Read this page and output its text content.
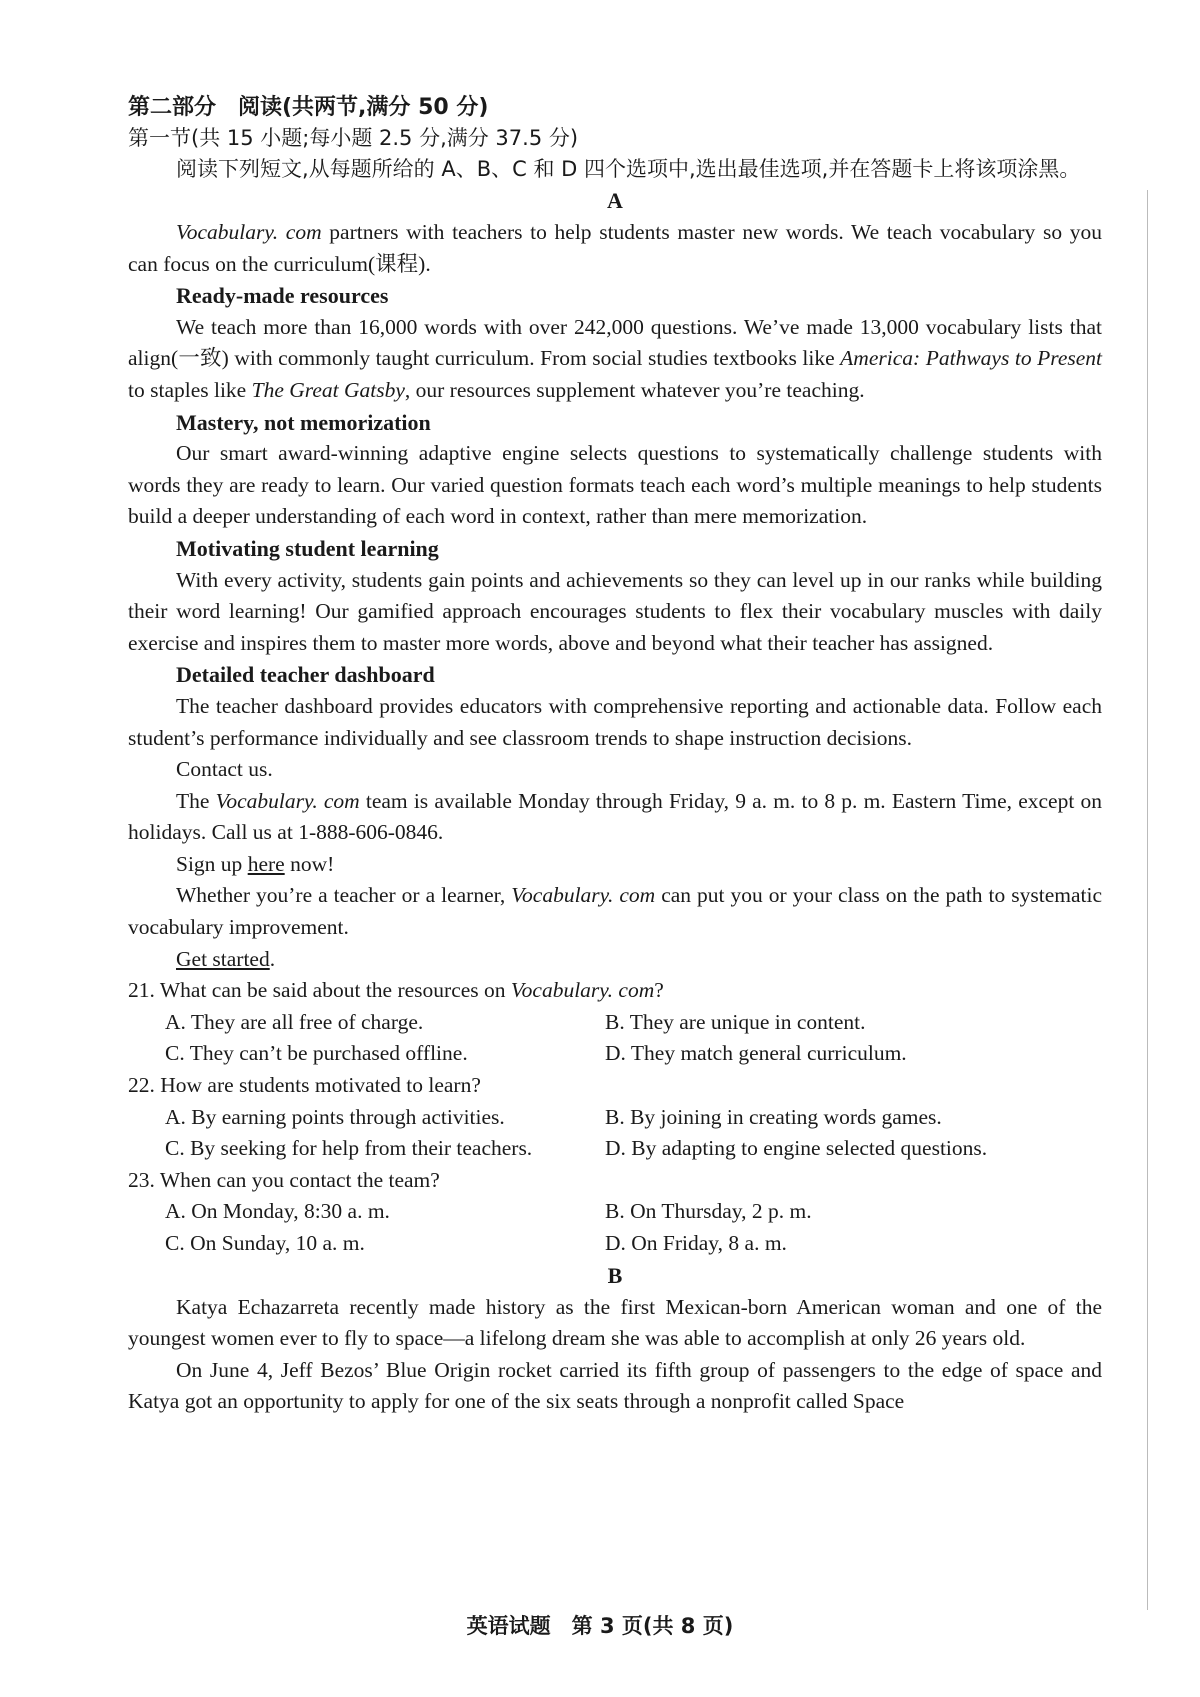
第二部分　阅读(共两节,满分 50 分)
第一节(共 15 小题;每小题 2.5 分,满分 37.5 分)

阅读下列短文,从每题所给的 A、B、C 和 D 四个选项中,选出最佳选项,并在答题卡上将该项涂黑。

A

Vocabulary. com partners with teachers to help students master new words. We teach vocabulary so you can focus on the curriculum(课程).

Ready-made resources

We teach more than 16,000 words with over 242,000 questions. We’ve made 13,000 vocabulary lists that align(一致) with commonly taught curriculum. From social studies textbooks like America: Pathways to Present to staples like The Great Gatsby, our resources supplement whatever you’re teaching.

Mastery, not memorization

Our smart award-winning adaptive engine selects questions to systematically challenge students with words they are ready to learn. Our varied question formats teach each word’s multiple meanings to help students build a deeper understanding of each word in context, rather than mere memorization.

Motivating student learning

With every activity, students gain points and achievements so they can level up in our ranks while building their word learning! Our gamified approach encourages students to flex their vocabulary muscles with daily exercise and inspires them to master more words, above and beyond what their teacher has assigned.

Detailed teacher dashboard

The teacher dashboard provides educators with comprehensive reporting and actionable data. Follow each student’s performance individually and see classroom trends to shape instruction decisions.

Contact us.

The Vocabulary. com team is available Monday through Friday, 9 a. m. to 8 p. m. Eastern Time, except on holidays. Call us at 1-888-606-0846.

Sign up here now!

Whether you’re a teacher or a learner, Vocabulary. com can put you or your class on the path to systematic vocabulary improvement.

Get started.

21. What can be said about the resources on Vocabulary. com?

A. They are all free of charge.	B. They are unique in content.
C. They can’t be purchased offline.	D. They match general curriculum.

22. How are students motivated to learn?

A. By earning points through activities.	B. By joining in creating words games.
C. By seeking for help from their teachers.	D. By adapting to engine selected questions.

23. When can you contact the team?

A. On Monday, 8:30 a. m.	B. On Thursday, 2 p. m.
C. On Sunday, 10 a. m.	D. On Friday, 8 a. m.
B

Katya Echazarreta recently made history as the first Mexican-born American woman and one of the youngest women ever to fly to space—a lifelong dream she was able to accomplish at only 26 years old.

On June 4, Jeff Bezos’ Blue Origin rocket carried its fifth group of passengers to the edge of space and Katya got an opportunity to apply for one of the six seats through a nonprofit called Space

英语试题　第 3 页(共 8 页)
